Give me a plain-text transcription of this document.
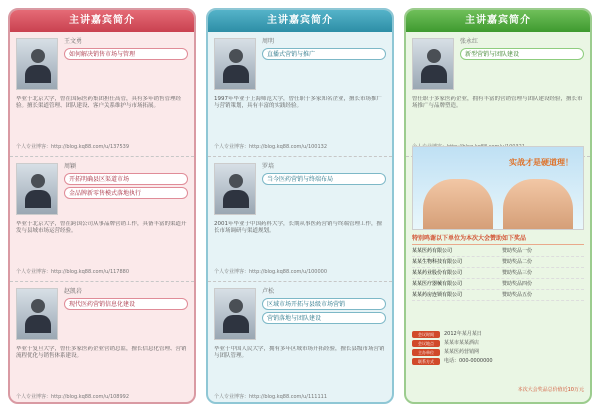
主讲嘉宾简介
王文勇
如何解决销售市场与管理
毕业于北京大学，曾在国际医药集团担任高管，具有多年销售管理经验。擅长渠道管理、团队建设、客户关系维护与市场拓展。
个人专业博客：http://blog.kq88.com/u/137539
周颖
开拓明确县区渠道市场
金品牌新零售模式落地执行
毕业于北京大学，曾在跨国公司从事品牌营销工作，具备丰富的渠道开发与县域市场运营经验。
个人专业博客：http://blog.kq88.com/u/117880
赵凯岩
现代医药营销信息化建设
毕业于复旦大学，曾任多家医药企业营销总监，擅长信息化管理、营销流程优化与销售体系建设。
个人专业博客：http://blog.kq88.com/u/108992
主讲嘉宾简介
周明
直播式营销与推广
1997年毕业于上海师范大学，曾任职于多家知名企业，擅长市场推广与营销策划，具有丰富的实践经验。
个人专业博客：http://blog.kq88.com/u/100132
罗培
当今医药营销与终端布局
2001年毕业于中国药科大学，长期从事医药营销与终端管理工作，擅长市场调研与渠道规划。
个人专业博客：http://blog.kq88.com/u/100000
卢松
区域市场开拓与县级市场营销
营销落地与团队建设
毕业于中国人民大学，拥有多年区域市场开拓经验，擅长县级市场营销与团队管理。
个人专业博客：http://blog.kq88.com/u/111111
主讲嘉宾简介
张永红
新型营销与团队建设
曾任职于多家医药企业，拥有丰富的营销管理与团队建设经验，擅长市场推广与品牌塑造。
实战才是硬道理！
特别鸣谢以下单位为本次大会赞助如下奖品
某某医药有限公司	赞助奖品一份
某某生物科技有限公司	赞助奖品二份
某某药业股份有限公司	赞助奖品三份
某某医疗器械有限公司	赞助奖品四份
某某药房连锁有限公司	赞助奖品五份
会议时间	2012年某月某日
会议地点	某某市某某酒店
主办单位	某某医药营销网
联系方式	电话：000-0000000
本次大会奖品总价值近10万元
